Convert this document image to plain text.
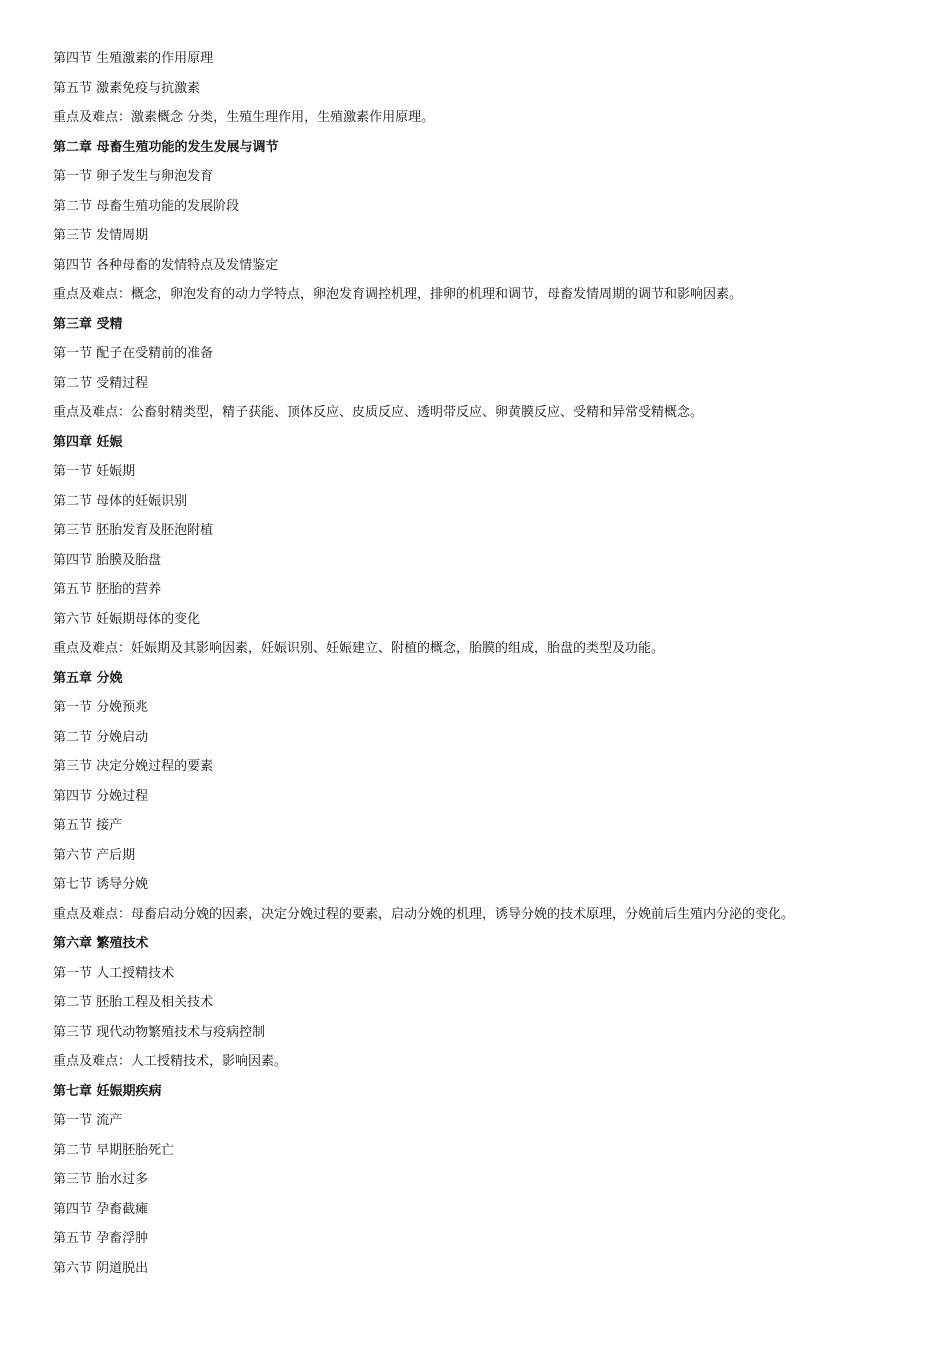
第四节 生殖激素的作用原理
第五节 激素免疫与抗激素
重点及难点：激素概念 分类，生殖生理作用，生殖激素作用原理。
第二章 母畜生殖功能的发生发展与调节
第一节 卵子发生与卵泡发育
第二节 母畜生殖功能的发展阶段
第三节 发情周期
第四节 各种母畜的发情特点及发情鉴定
重点及难点：概念，卵泡发育的动力学特点，卵泡发育调控机理，排卵的机理和调节，母畜发情周期的调节和影响因素。
第三章 受精
第一节 配子在受精前的准备
第二节 受精过程
重点及难点：公畜射精类型，精子获能、顶体反应、皮质反应、透明带反应、卵黄膜反应、受精和异常受精概念。
第四章 妊娠
第一节 妊娠期
第二节 母体的妊娠识别
第三节 胚胎发育及胚泡附植
第四节 胎膜及胎盘
第五节 胚胎的营养
第六节 妊娠期母体的变化
重点及难点：妊娠期及其影响因素，妊娠识别、妊娠建立、附植的概念，胎膜的组成，胎盘的类型及功能。
第五章 分娩
第一节 分娩预兆
第二节 分娩启动
第三节 决定分娩过程的要素
第四节 分娩过程
第五节 接产
第六节 产后期
第七节 诱导分娩
重点及难点：母畜启动分娩的因素，决定分娩过程的要素，启动分娩的机理，诱导分娩的技术原理，分娩前后生殖内分泌的变化。
第六章 繁殖技术
第一节 人工授精技术
第二节 胚胎工程及相关技术
第三节 现代动物繁殖技术与疫病控制
重点及难点：人工授精技术，影响因素。
第七章 妊娠期疾病
第一节 流产
第二节 早期胚胎死亡
第三节 胎水过多
第四节 孕畜截瘫
第五节 孕畜浮肿
第六节 阴道脱出
